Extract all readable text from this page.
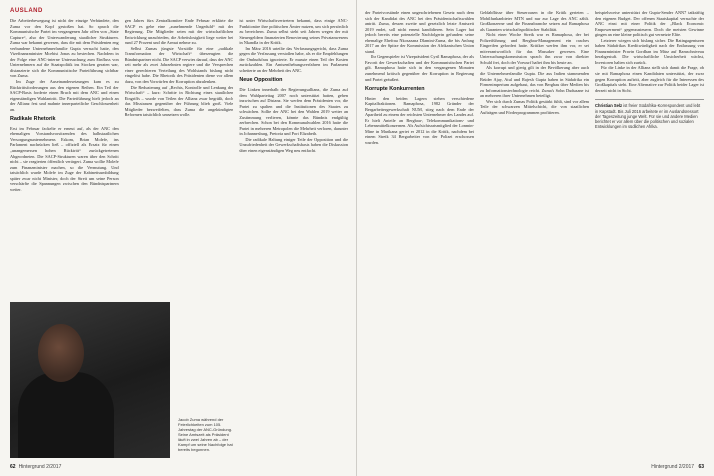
AUSLAND

Die Arbeiterbewegung ist nicht der einzige Verbündete, den Zuma vor den Kopf gestoßen hat. So sprach die Kommunistische Partei im vergangenen Jahr offen von „State Capture“, also der Unterwanderung staatlicher Strukturen. Zuma war bekannt gewesen, dass die mit dem Präsidenten eng verbundene Unternehmerfamilie Gupta versucht hatte, den Vizefinanzminister Mcebisi Jonas zu bestechen. Nachdem in der Folge eine ANC-interne Untersuchung zum Einfluss von Unternehmern auf die Staatspolitik ins Stocken geraten war, distanzierte sich die Kommunistische Parteiführung sichtbar von Zuma.

Im Zuge der Auseinandersetzungen kam es zu Rücktrittsforderungen aus den eigenen Reihen. Ein Teil der SACP-Basis forderte einen Bruch mit dem ANC und einen eigenständigen Wahlantritt. Die Parteiführung hielt jedoch an der Allianz fest und mahnte innerparteiliche Geschlossenheit an.

Radikale Rhetorik

Erst im Februar fackelte er erneut auf, als der ANC den ehemaligen Vorstandsvorsitzenden des halbstaatlichen Versorgungsunternehmens Eskom, Brian Molefe, ins Parlament nachrücken ließ – offiziell als Ersatz für einen „unangemessen hohen Rücktritt“ zurückgetretenen Abgeordneten. Die SACP-Strukturen waren über den Schritt nicht – sie reagierten öffentlich verärgert. Zuma wollte Molefe zum Finanzminister machen, so die Vermutung. Und tatsächlich wurde Molefe im Zuge der Kabinettsumbildung später zwar nicht Minister, doch der Streit um seine Person verschärfte die Spannungen zwischen den Bündnispartnern weiter.

gen Jahres fürs Zentralkomitee Ende Februar erklärte die SACP es gebe eine „zunehmende Ungeduld“ mit der Regierung. Die Mitglieder seien mit der wirtschaftlichen Entwicklung unzufrieden, die Arbeitslosigkeit liege weiter bei rund 27 Prozent und die Armut nehme zu.

Selbst Zumas jüngste Vorstöße für eine „radikale Transformation der Wirtschaft“ überzeugten die Bündnispartner nicht. Die SACP verwies darauf, dass der ANC seit mehr als zwei Jahrzehnten regiere und die Versprechen einer gerechteren Verteilung des Wohlstands bislang nicht eingelöst habe. Die Rhetorik des Präsidenten diene vor allem dazu, von den Vorwürfen der Korruption abzulenken.

Die Reduzierung auf „Rechts, Kontrolle und Lenkung der Wirtschaft“ – kurz: Schritte in Richtung eines staatlichen Eingriffs – wurde von Teilen der Allianz zwar begrüßt, doch das Misstrauen gegenüber der Führung blieb groß. Viele Mitglieder bezweifelten, dass Zuma die angekündigten Reformen tatsächlich umsetzen wolle.

ist unter Wirtschaftsvertretern bekannt, dass einige ANC-Funktionäre ihre politischen Ämter nutzen, um sich persönlich zu bereichern. Zuma selbst steht seit Jahren wegen der mit Steuergeldern finanzierten Renovierung seines Privatanwesens in Nkandla in der Kritik.

Im März 2016 urteilte das Verfassungsgericht, dass Zuma gegen die Verfassung verstoßen habe, als er die Empfehlungen der Ombudsfrau ignorierte. Er musste einen Teil der Kosten zurückzahlen. Ein Amtsenthebungsverfahren im Parlament scheiterte an der Mehrheit des ANC.

Neue Opposition

Die Linken innerhalb der Regierungsallianz, die Zuma auf dem Wahlparteitag 2007 noch unterstützt hatten, gehen inzwischen auf Distanz. Sie werfen dem Präsidenten vor, die Partei zu spalten und die Institutionen des Staates zu schwächen. Sollte der ANC bei den Wahlen 2019 weiter an Zustimmung verlieren, könnte das Bündnis endgültig zerbrechen. Schon bei den Kommunalwahlen 2016 hatte die Partei in mehreren Metropolen die Mehrheit verloren, darunter in Johannesburg, Pretoria und Port Elizabeth.

Die radikale Haltung einiger Teile der Opposition und die Unzufriedenheit der Gewerkschaftsbasis haben die Diskussion über einen eigenständigen Weg neu entfacht.

Jacob Zuma während der Feierlichkeiten zum 105. Jahrestag der ANC-Gründung. Seine Amtszeit als Präsident läuft in zwei Jahren ab – der Kampf um seine Nachfolge hat bereits begonnen.
62 Hintergrund 2/2017

der Parteivorstände einen ungeschriebenen Gesetz nach dem sich der Kandidat des ANC bei den Präsidentschaftswahlen antritt. Zuma, dessen zweite und gesetzlich letzte Amtszeit 2019 endet, soll nicht erneut kandidieren. Sein Lager hat jedoch bereits eine potenzielle Nachfolgerin gefunden: seine ehemalige Ehefrau Nkosazana Dlamini-Zuma, die bis Anfang 2017 an der Spitze der Kommission der Afrikanischen Union stand.

Ihr Gegenspieler ist Vizepräsident Cyril Ramaphosa, der als Favorit der Gewerkschaften und der Kommunistischen Partei gilt. Ramaphosa hatte sich in den vergangenen Monaten zunehmend kritisch gegenüber der Korruption in Regierung und Partei geäußert.

Korrupte Konkurrenten

Hinter den beiden Lagern stehen verschiedene Kapitalfraktionen. Ramaphosa, 1982 Gründer der Bergarbeitergewerkschaft NUM, stieg nach dem Ende der Apartheid zu einem der reichsten Unternehmer des Landes auf. Er hielt Anteile an Bergbau-, Telekommunikations- und Lebensmittelkonzernen. Als Aufsichtsratsmitglied der Lonmin-Mine in Marikana geriet er 2012 in die Kritik, nachdem bei einem Streik 34 Bergarbeiter von der Polizei erschossen wurden.

Geldabflüsse über Steueroasen in die Kritik gerieten – Mobilfunkanbieter MTN und nur zur Lage des ANC zählt. Großkonzerne und die Finanzbranche setzen auf Ramaphosa als Garanten wirtschaftspolitischer Stabilität.

Nicht einer Woche Streik war es Ramaphosa, der bei Polizeiführung und Bergbau-Management ein rasches Eingreifen gefordert hatte. Kritiker werfen ihm vor, er sei mitverantwortlich für das Massaker gewesen. Eine Untersuchungskommission sprach ihn zwar von direkter Schuld frei, doch der Vorwurf haftet ihm bis heute an.

Als korrupt und gierig gilt in der Bevölkerung aber auch die Unternehmerfamilie Gupta. Die aus Indien stammenden Brüder Ajay, Atul und Rajesh Gupta haben in Südafrika ein Firmenimperium aufgebaut, das von Bergbau über Medien bis zu Informationstechnologie reicht. Zuma's Sohn Duduzane ist an mehreren ihrer Unternehmen beteiligt.

Wer sich durch Zumas Politik gestärkt fühlt, sind vor allem Teile der schwarzen Mittelschicht, die von staatlichen Aufträgen und Förderprogrammen profitieren.

beispielsweise unterstützt der Gupta-Sender ANN7 tatkräftig den eigenen Budget. Der offenen Staatskapital versuchte der ANC einst mit einer Politik der „Black Economic Empowerment“ gegenzusteuern. Doch die meisten Gewinne gingen an eine kleine politisch gut vernetzte Elite.

Letzterer wiegen sich bislang sicher. Die Ratingagenturen haben Südafrikas Kreditwürdigkeit nach der Entlassung von Finanzminister Pravin Gordhan im März auf Ramschniveau herabgestuft. Die wirtschaftliche Unsicherheit wächst, Investoren halten sich zurück.

Für die Linke in der Allianz stellt sich damit die Frage, ob sie mit Ramaphosa einen Kandidaten unterstützt, der zwar gegen Korruption auftritt, aber zugleich für die Interessen des Großkapitals steht. Eine Alternative zur Politik beider Lager ist derzeit nicht in Sicht.

Christian Selz ist freier Südafrika-Korrespondent und lebt in Kapstadt. Bis Juli 2016 arbeitete er im Auslandsressort der Tageszeitung junge Welt. Für sie und andere Medien berichtet er vor allem über die politischen und sozialen Entwicklungen im südlichen Afrika.
Hintergrund 2/2017 63
